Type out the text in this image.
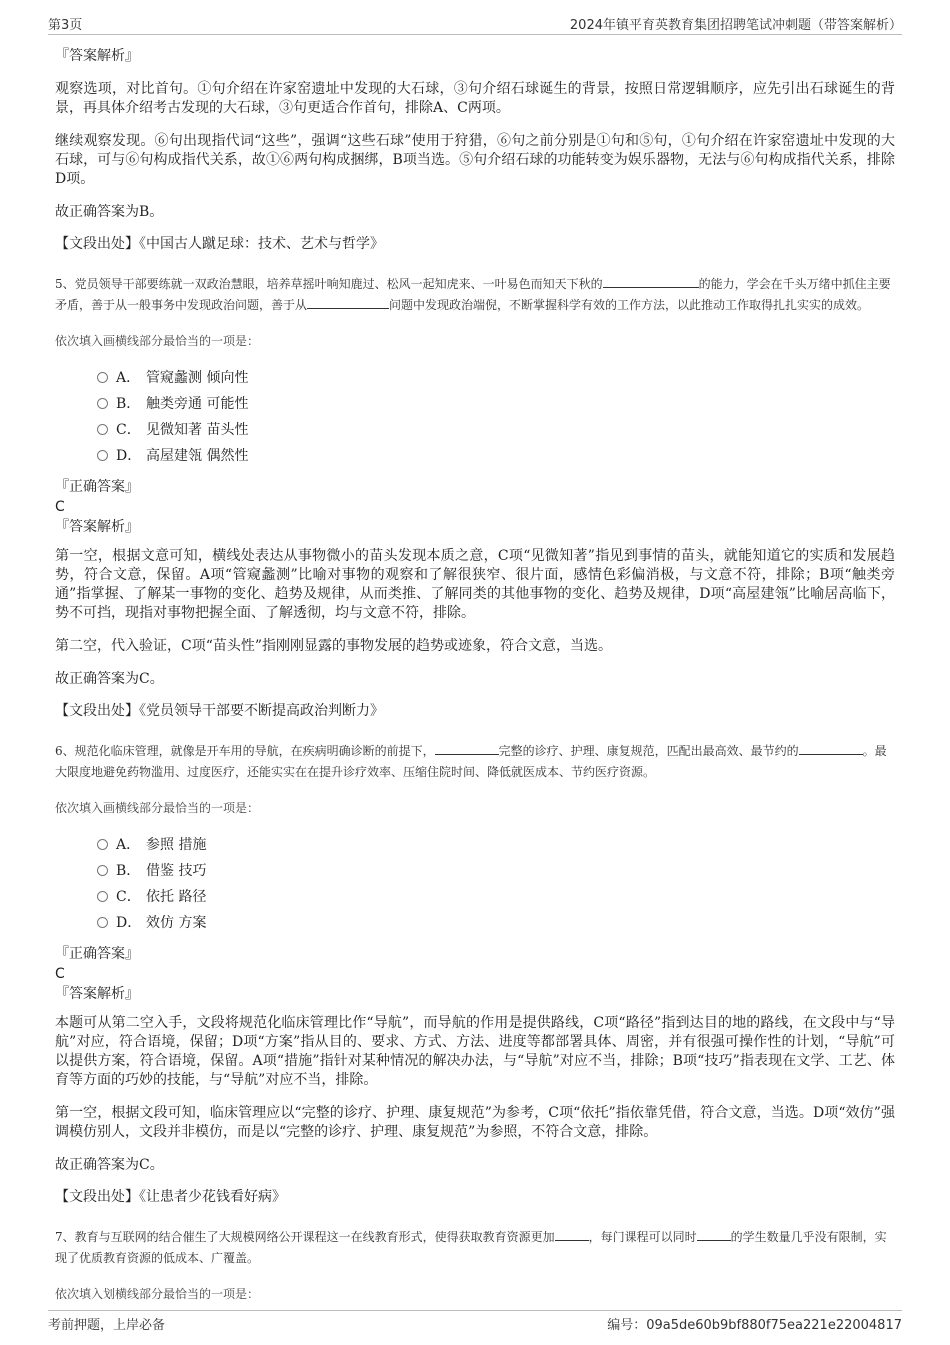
第3页	2024年镇平育英教育集团招聘笔试冲刺题（带答案解析）

『答案解析』

观察选项，对比首句。①句介绍在许家窑遗址中发现的大石球，③句介绍石球诞生的背景，按照日常逻辑顺序，应先引出石球诞生的背景，再具体介绍考古发现的大石球，③句更适合作首句，排除A、C两项。

继续观察发现。⑥句出现指代词“这些”，强调“这些石球”使用于狩猎，⑥句之前分别是①句和⑤句，①句介绍在许家窑遗址中发现的大石球，可与⑥句构成指代关系，故①⑥两句构成捆绑，B项当选。⑤句介绍石球的功能转变为娱乐器物，无法与⑥句构成指代关系，排除D项。

故正确答案为B。

【文段出处】《中国古人蹴足球：技术、艺术与哲学》

5、党员领导干部要练就一双政治慧眼，培养草摇叶响知鹿过、松风一起知虎来、一叶易色而知天下秋的	的能力，学会在千头万绪中抓住主要矛盾，善于从一般事务中发现政治问题，善于从	问题中发现政治端倪，不断掌握科学有效的工作方法，以此推动工作取得扎扎实实的成效。

依次填入画横线部分最恰当的一项是：

A． 管窥蠡测 倾向性
B． 触类旁通 可能性
C． 见微知著 苗头性
D． 高屋建瓴 偶然性

『正确答案』

C

『答案解析』

第一空，根据文意可知，横线处表达从事物微小的苗头发现本质之意，C项“见微知著”指见到事情的苗头，就能知道它的实质和发展趋势，符合文意，保留。A项“管窥蠡测”比喻对事物的观察和了解很狭窄、很片面，感情色彩偏消极，与文意不符，排除；B项“触类旁通”指掌握、了解某一事物的变化、趋势及规律，从而类推、了解同类的其他事物的变化、趋势及规律，D项“高屋建瓴”比喻居高临下，势不可挡，现指对事物把握全面、了解透彻，均与文意不符，排除。

第二空，代入验证，C项“苗头性”指刚刚显露的事物发展的趋势或迹象，符合文意，当选。

故正确答案为C。

【文段出处】《党员领导干部要不断提高政治判断力》

6、规范化临床管理，就像是开车用的导航，在疾病明确诊断的前提下，	完整的诊疗、护理、康复规范，匹配出最高效、最节约的	。最大限度地避免药物滥用、过度医疗，还能实实在在提升诊疗效率、压缩住院时间、降低就医成本、节约医疗资源。

依次填入画横线部分最恰当的一项是：

A． 参照 措施
B． 借鉴 技巧
C． 依托 路径
D． 效仿 方案

『正确答案』

C

『答案解析』

本题可从第二空入手，文段将规范化临床管理比作“导航”，而导航的作用是提供路线，C项“路径”指到达目的地的路线，在文段中与“导航”对应，符合语境，保留；D项“方案”指从目的、要求、方式、方法、进度等都部署具体、周密，并有很强可操作性的计划，“导航”可以提供方案，符合语境，保留。A项“措施”指针对某种情况的解决办法，与“导航”对应不当，排除；B项“技巧”指表现在文学、工艺、体育等方面的巧妙的技能，与“导航”对应不当，排除。

第一空，根据文段可知，临床管理应以“完整的诊疗、护理、康复规范”为参考，C项“依托”指依靠凭借，符合文意，当选。D项“效仿”强调模仿别人，文段并非模仿，而是以“完整的诊疗、护理、康复规范”为参照，不符合文意，排除。

故正确答案为C。

【文段出处】《让患者少花钱看好病》

7、教育与互联网的结合催生了大规模网络公开课程这一在线教育形式，使得获取教育资源更加	，每门课程可以同时	的学生数量几乎没有限制，实现了优质教育资源的低成本、广覆盖。

依次填入划横线部分最恰当的一项是：

考前押题，上岸必备	编号：09a5de60b9bf880f75ea221e22004817
